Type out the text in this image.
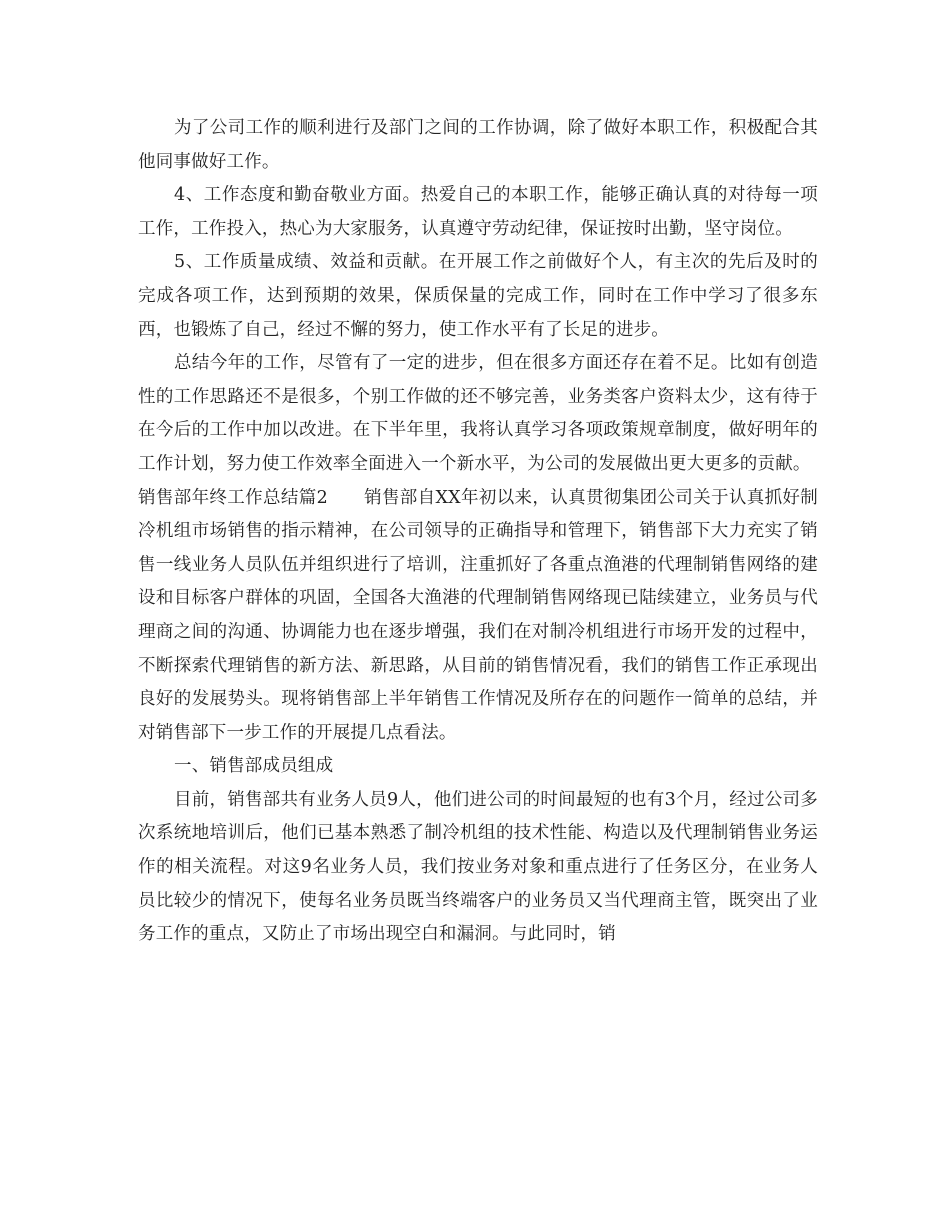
为了公司工作的顺利进行及部门之间的工作协调，除了做好本职工作，积极配合其他同事做好工作。

4、工作态度和勤奋敬业方面。热爱自己的本职工作，能够正确认真的对待每一项工作，工作投入，热心为大家服务，认真遵守劳动纪律，保证按时出勤，坚守岗位。

5、工作质量成绩、效益和贡献。在开展工作之前做好个人，有主次的先后及时的完成各项工作，达到预期的效果，保质保量的完成工作，同时在工作中学习了很多东西，也锻炼了自己，经过不懈的努力，使工作水平有了长足的进步。

总结今年的工作，尽管有了一定的进步，但在很多方面还存在着不足。比如有创造性的工作思路还不是很多，个别工作做的还不够完善，业务类客户资料太少，这有待于在今后的工作中加以改进。在下半年里，我将认真学习各项政策规章制度，做好明年的工作计划，努力使工作效率全面进入一个新水平，为公司的发展做出更大更多的贡献。

销售部年终工作总结篇2 销售部自XX年初以来，认真贯彻集团公司关于认真抓好制冷机组市场销售的指示精神，在公司领导的正确指导和管理下，销售部下大力充实了销售一线业务人员队伍并组织进行了培训，注重抓好了各重点渔港的代理制销售网络的建设和目标客户群体的巩固，全国各大渔港的代理制销售网络现已陆续建立，业务员与代理商之间的沟通、协调能力也在逐步增强，我们在对制冷机组进行市场开发的过程中，不断探索代理销售的新方法、新思路，从目前的销售情况看，我们的销售工作正承现出良好的发展势头。现将销售部上半年销售工作情况及所存在的问题作一简单的总结，并对销售部下一步工作的开展提几点看法。

一、销售部成员组成

目前，销售部共有业务人员9人，他们进公司的时间最短的也有3个月，经过公司多次系统地培训后，他们已基本熟悉了制冷机组的技术性能、构造以及代理制销售业务运作的相关流程。对这9名业务人员，我们按业务对象和重点进行了任务区分，在业务人员比较少的情况下，使每名业务员既当终端客户的业务员又当代理商主管，既突出了业务工作的重点，又防止了市场出现空白和漏洞。与此同时，销
